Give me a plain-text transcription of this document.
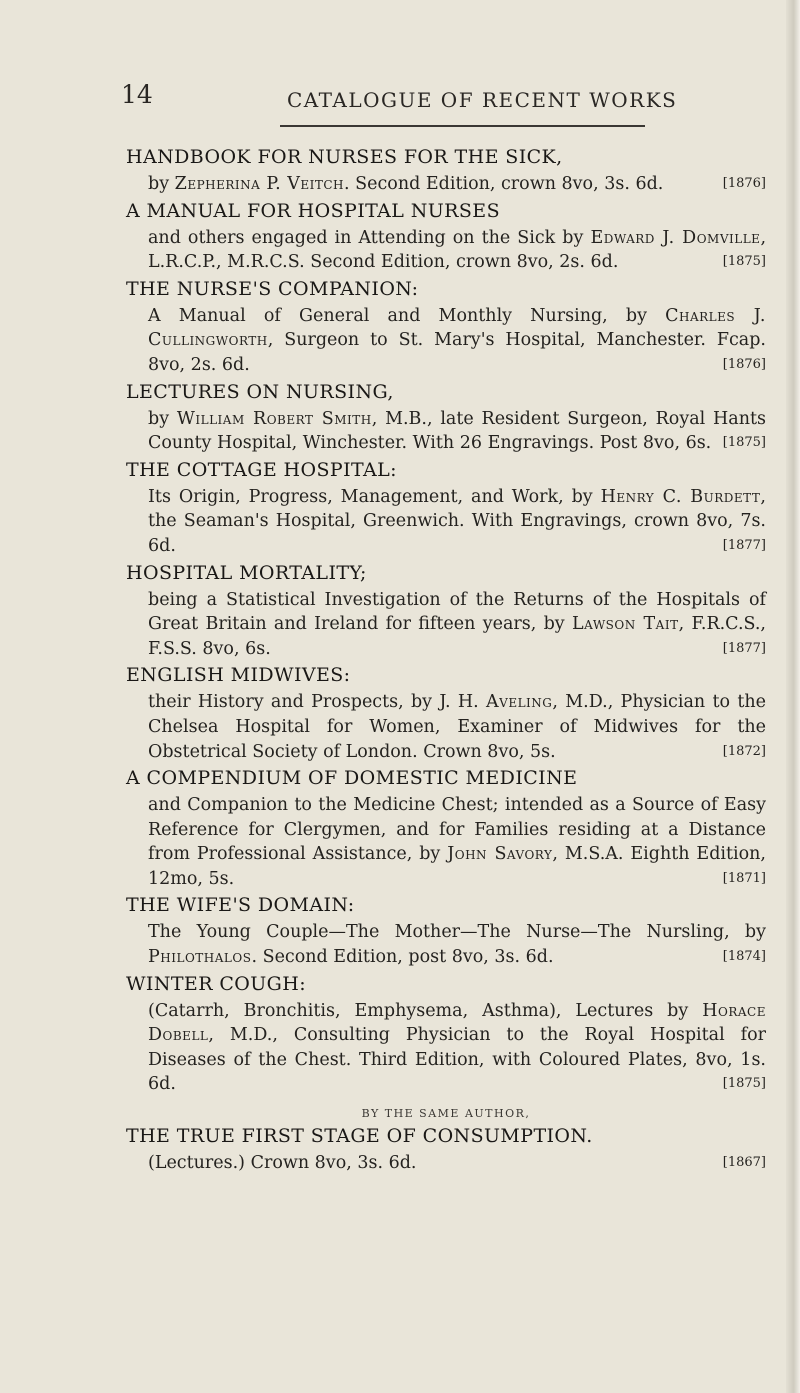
14	CATALOGUE OF RECENT WORKS
HANDBOOK FOR NURSES FOR THE SICK,
by Zepherina P. Veitch. Second Edition, crown 8vo, 3s. 6d.	[1876]
A MANUAL FOR HOSPITAL NURSES
and others engaged in Attending on the Sick by Edward J. Domville, L.R.C.P., M.R.C.S. Second Edition, crown 8vo, 2s. 6d.	[1875]
THE NURSE'S COMPANION:
A Manual of General and Monthly Nursing, by Charles J. Cullingworth, Surgeon to St. Mary's Hospital, Manchester. Fcap. 8vo, 2s. 6d.	[1876]
LECTURES ON NURSING,
by William Robert Smith, M.B., late Resident Surgeon, Royal Hants County Hospital, Winchester. With 26 Engravings. Post 8vo, 6s. [1875]
THE COTTAGE HOSPITAL:
Its Origin, Progress, Management, and Work, by Henry C. Burdett, the Seaman's Hospital, Greenwich. With Engravings, crown 8vo, 7s. 6d.	[1877]
HOSPITAL MORTALITY;
being a Statistical Investigation of the Returns of the Hospitals of Great Britain and Ireland for fifteen years, by Lawson Tait, F.R.C.S., F.S.S. 8vo, 6s.	[1877]
ENGLISH MIDWIVES:
their History and Prospects, by J. H. Aveling, M.D., Physician to the Chelsea Hospital for Women, Examiner of Midwives for the Obstetrical Society of London. Crown 8vo, 5s.	[1872]
A COMPENDIUM OF DOMESTIC MEDICINE
and Companion to the Medicine Chest; intended as a Source of Easy Reference for Clergymen, and for Families residing at a Distance from Professional Assistance, by John Savory, M.S.A. Eighth Edition, 12mo, 5s.	[1871]
THE WIFE'S DOMAIN:
The Young Couple—The Mother—The Nurse—The Nursling, by Philothalos. Second Edition, post 8vo, 3s. 6d.	[1874]
WINTER COUGH:
(Catarrh, Bronchitis, Emphysema, Asthma), Lectures by Horace Dobell, M.D., Consulting Physician to the Royal Hospital for Diseases of the Chest. Third Edition, with Coloured Plates, 8vo, 1s. 6d.	[1875]
BY THE SAME AUTHOR,
THE TRUE FIRST STAGE OF CONSUMPTION.
(Lectures.) Crown 8vo, 3s. 6d.	[1867]
